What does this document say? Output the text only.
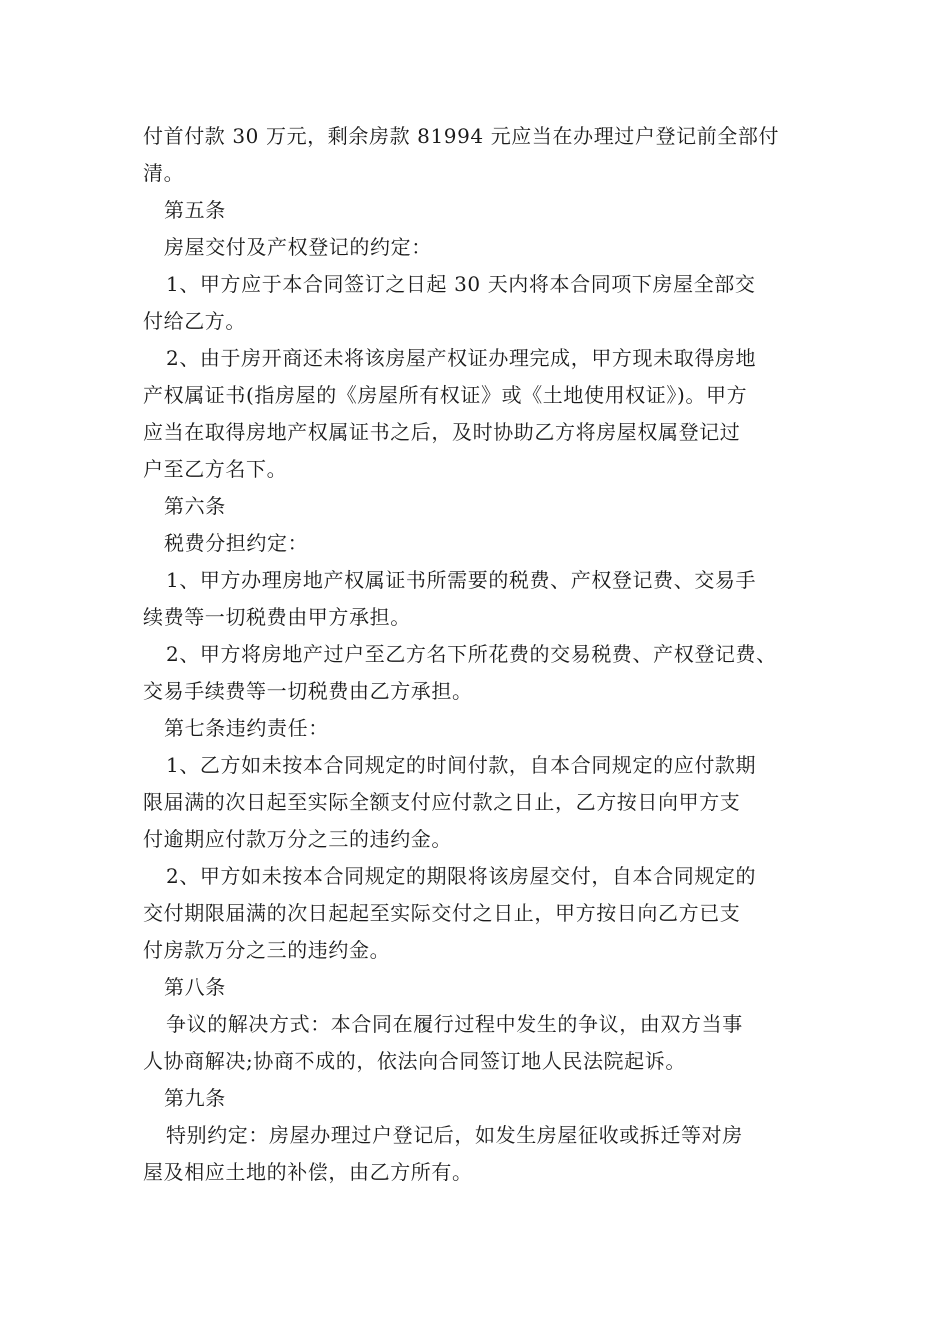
付首付款 30 万元，剩余房款 81994 元应当在办理过户登记前全部付
清。
第五条
房屋交付及产权登记的约定：
1、甲方应于本合同签订之日起 30 天内将本合同项下房屋全部交
付给乙方。
2、由于房开商还未将该房屋产权证办理完成，甲方现未取得房地
产权属证书(指房屋的《房屋所有权证》或《土地使用权证》)。甲方
应当在取得房地产权属证书之后，及时协助乙方将房屋权属登记过
户至乙方名下。
第六条
税费分担约定：
1、甲方办理房地产权属证书所需要的税费、产权登记费、交易手
续费等一切税费由甲方承担。
2、甲方将房地产过户至乙方名下所花费的交易税费、产权登记费、
交易手续费等一切税费由乙方承担。
第七条违约责任：
1、乙方如未按本合同规定的时间付款，自本合同规定的应付款期
限届满的次日起至实际全额支付应付款之日止，乙方按日向甲方支
付逾期应付款万分之三的违约金。
2、甲方如未按本合同规定的期限将该房屋交付，自本合同规定的
交付期限届满的次日起起至实际交付之日止，甲方按日向乙方已支
付房款万分之三的违约金。
第八条
争议的解决方式：本合同在履行过程中发生的争议，由双方当事
人协商解决;协商不成的，依法向合同签订地人民法院起诉。
第九条
特别约定：房屋办理过户登记后，如发生房屋征收或拆迁等对房
屋及相应土地的补偿，由乙方所有。
